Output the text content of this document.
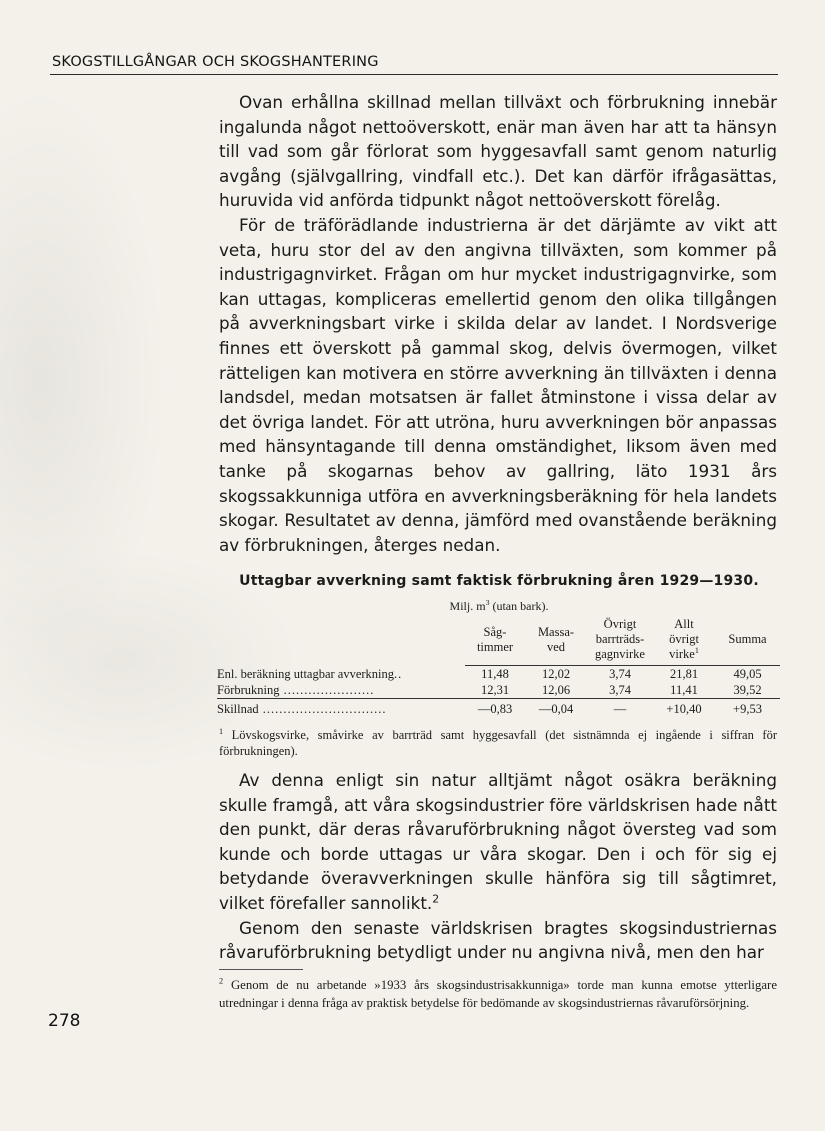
SKOGSTILLGÅNGAR OCH SKOGSHANTERING

Ovan erhållna skillnad mellan tillväxt och förbrukning innebär ingalunda något nettoöverskott, enär man även har att ta hänsyn till vad som går förlorat som hyggesavfall samt genom naturlig avgång (självgallring, vindfall etc.). Det kan därför ifrågasättas, huruvida vid anförda tidpunkt något nettoöverskott förelåg.

För de träförädlande industrierna är det därjämte av vikt att veta, huru stor del av den angivna tillväxten, som kommer på industrigagnvirket. Frågan om hur mycket industrigagnvirke, som kan uttagas, kompliceras emellertid genom den olika tillgången på avverkningsbart virke i skilda delar av landet. I Nordsverige finnes ett överskott på gammal skog, delvis övermogen, vilket rätteligen kan motivera en större avverkning än tillväxten i denna landsdel, medan motsatsen är fallet åtminstone i vissa delar av det övriga landet. För att utröna, huru avverkningen bör anpassas med hänsyntagande till denna omständighet, liksom även med tanke på skogarnas behov av gallring, läto 1931 års skogssakkunniga utföra en avverkningsberäkning för hela landets skogar. Resultatet av denna, jämförd med ovanstående beräkning av förbrukningen, återges nedan.

Uttagbar avverkning samt faktisk förbrukning åren 1929—1930.
Milj. $m^3$ (utan bark).
	Såg-
timmer	Massa-
ved	Övrigt
barrträds-
gagnvirke	Allt
övrigt
virke$^1$	Summa
Enl. beräkning uttagbar avverkning..	11,48	12,02	3,74	21,81	49,05
Förbrukning ......................	12,31	12,06	3,74	11,41	39,52
Skillnad ..............................	—0,83	—0,04	—	+10,40	+9,53
$^1$ Lövskogsvirke, småvirke av barrträd samt hyggesavfall (det sistnämnda ej ingående i siffran för förbrukningen).

Av denna enligt sin natur alltjämt något osäkra beräkning skulle framgå, att våra skogsindustrier före världskrisen hade nått den punkt, där deras råvaruförbrukning något översteg vad som kunde och borde uttagas ur våra skogar. Den i och för sig ej betydande överavverkningen skulle hänföra sig till sågtimret, vilket förefaller sannolikt.$^2$

Genom den senaste världskrisen bragtes skogsindustriernas råvaruförbrukning betydligt under nu angivna nivå, men den har

$^2$ Genom de nu arbetande »1933 års skogsindustrisakkunniga» torde man kunna emotse ytterligare utredningar i denna fråga av praktisk betydelse för bedömande av skogsindustriernas råvaruförsörjning.
278
